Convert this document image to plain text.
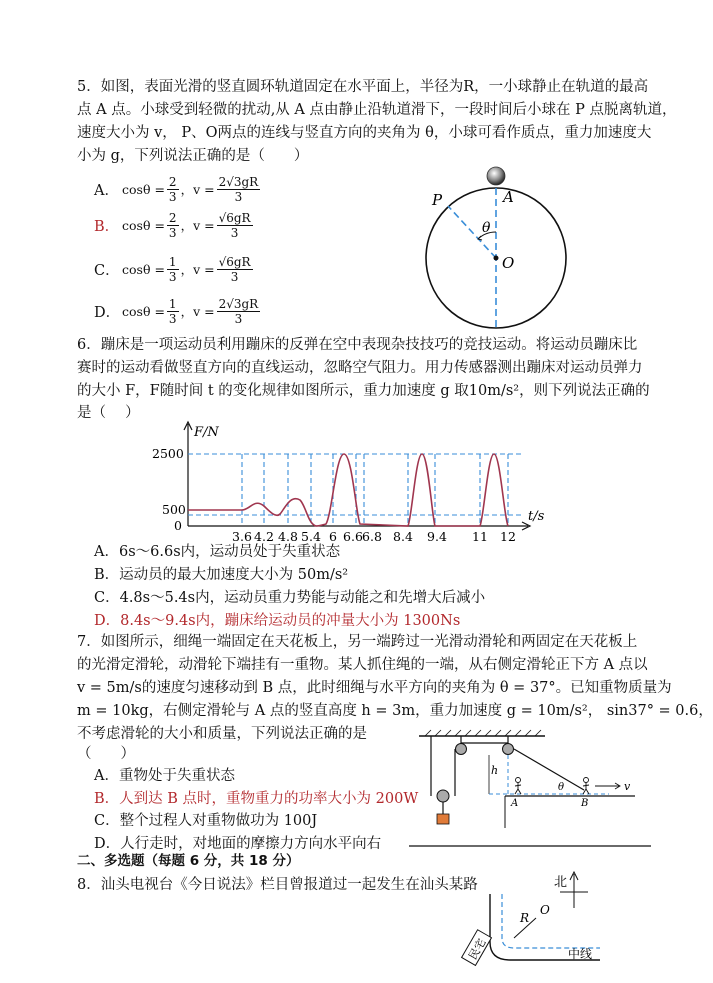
5．如图，表面光滑的竖直圆环轨道固定在水平面上，半径为R，一小球静止在轨道的最高
点 A 点。小球受到轻微的扰动,从 A 点由静止沿轨道滑下，一段时间后小球在 P 点脱离轨道，
速度大小为 v， P、O两点的连线与竖直方向的夹角为 θ，小球可看作质点，重力加速度大
小为 g，下列说法正确的是（　　）
A． $\cos\theta = \frac{2}{3}$ ，$v = \frac{2√3gR}{3}$
B． $\cos\theta = \frac{2}{3}$ ，$v = \frac{√6gR}{3}$
C． $\cos\theta = \frac{1}{3}$ ，$v = \frac{√6gR}{3}$
D． $\cos\theta = \frac{1}{3}$ ，$v = \frac{2√3gR}{3}$
A
P
θ
O
6．蹦床是一项运动员利用蹦床的反弹在空中表现杂技技巧的竞技运动。将运动员蹦床比
赛时的运动看做竖直方向的直线运动，忽略空气阻力。用力传感器测出蹦床对运动员弹力
的大小 F，F随时间 t 的变化规律如图所示，重力加速度 g 取10m/s²，则下列说法正确的
是（　 ）
F/N
t/s
2500
500
0
3.6 4.2 4.8 5.4 6 6.6 6.8 8.4 9.4 11 12
A．6s～6.6s内，运动员处于失重状态
B．运动员的最大加速度大小为 50m/s²
C．4.8s～5.4s内，运动员重力势能与动能之和先增大后减小
D．8.4s～9.4s内，蹦床给运动员的冲量大小为 1300Ns
7．如图所示，细绳一端固定在天花板上，另一端跨过一光滑动滑轮和两固定在天花板上
的光滑定滑轮，动滑轮下端挂有一重物。某人抓住绳的一端，从右侧定滑轮正下方 A 点以
v = 5m/s的速度匀速移动到 B 点，此时细绳与水平方向的夹角为 θ = 37°。已知重物质量为
m = 10kg，右侧定滑轮与 A 点的竖直高度 h = 3m，重力加速度 g = 10m/s²， sin37° = 0.6，
不考虑滑轮的大小和质量，下列说法正确的是
（　　）
A．重物处于失重状态
B．人到达 B 点时，重物重力的功率大小为 200W
C．整个过程人对重物做功为 100J
D．人行走时，对地面的摩擦力方向水平向右
h
v
θ
A	B
二、多选题（每题 6 分，共 18 分）
8．汕头电视台《今日说法》栏目曾报道过一起发生在汕头某路	北
R
O
中线
民宅
